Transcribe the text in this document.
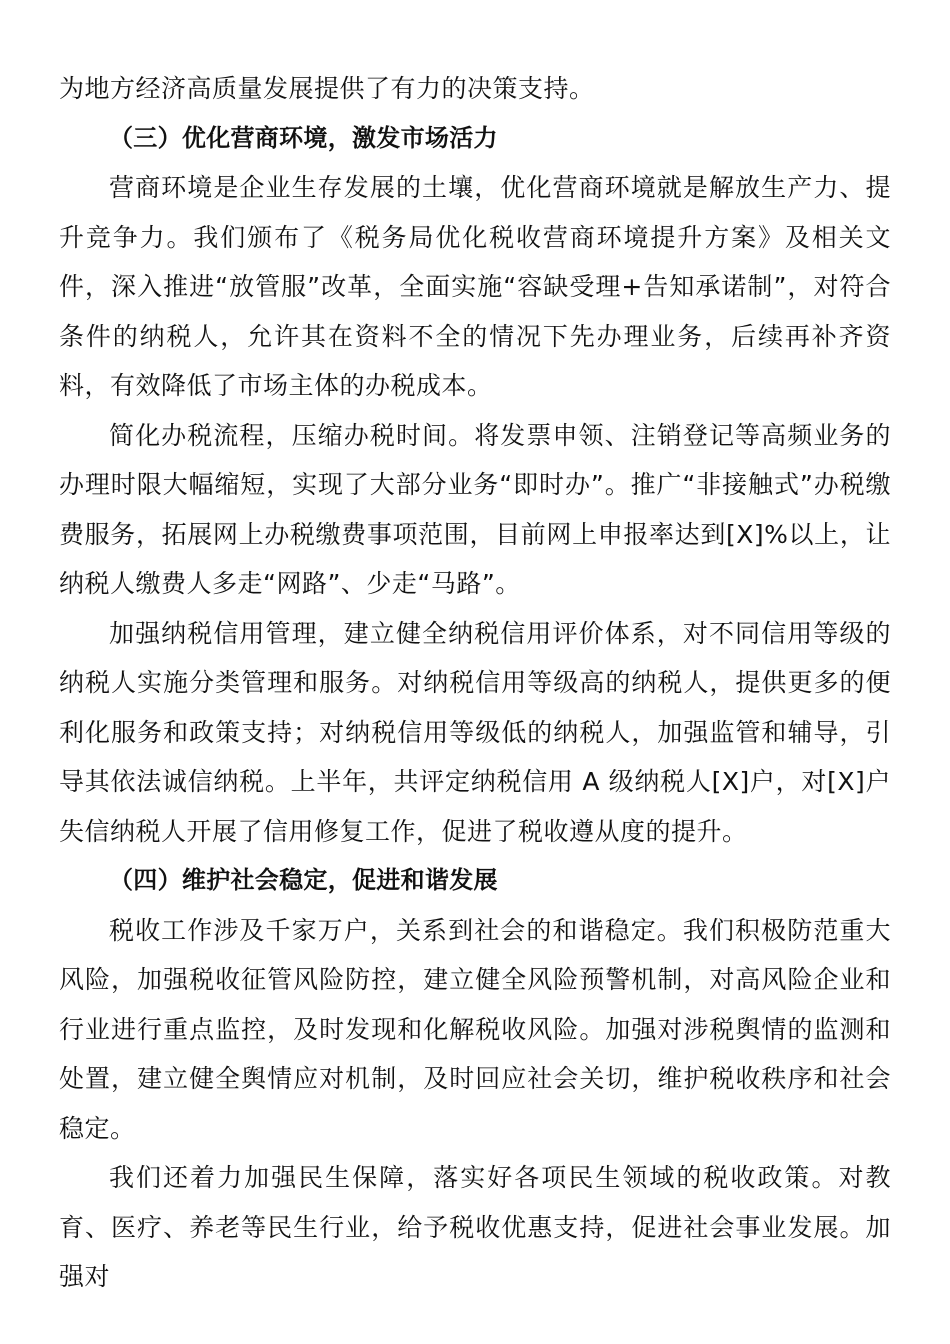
为地方经济高质量发展提供了有力的决策支持。

（三）优化营商环境，激发市场活力

营商环境是企业生存发展的土壤，优化营商环境就是解放生产力、提升竞争力。我们颁布了《税务局优化税收营商环境提升方案》及相关文件，深入推进“放管服”改革，全面实施“容缺受理+告知承诺制”，对符合条件的纳税人，允许其在资料不全的情况下先办理业务，后续再补齐资料，有效降低了市场主体的办税成本。

简化办税流程，压缩办税时间。将发票申领、注销登记等高频业务的办理时限大幅缩短，实现了大部分业务“即时办”。推广“非接触式”办税缴费服务，拓展网上办税缴费事项范围，目前网上申报率达到[X]%以上，让纳税人缴费人多走“网路”、少走“马路”。

加强纳税信用管理，建立健全纳税信用评价体系，对不同信用等级的纳税人实施分类管理和服务。对纳税信用等级高的纳税人，提供更多的便利化服务和政策支持；对纳税信用等级低的纳税人，加强监管和辅导，引导其依法诚信纳税。上半年，共评定纳税信用 A 级纳税人[X]户，对[X]户失信纳税人开展了信用修复工作，促进了税收遵从度的提升。

（四）维护社会稳定，促进和谐发展

税收工作涉及千家万户，关系到社会的和谐稳定。我们积极防范重大风险，加强税收征管风险防控，建立健全风险预警机制，对高风险企业和行业进行重点监控，及时发现和化解税收风险。加强对涉税舆情的监测和处置，建立健全舆情应对机制，及时回应社会关切，维护税收秩序和社会稳定。

我们还着力加强民生保障，落实好各项民生领域的税收政策。对教育、医疗、养老等民生行业，给予税收优惠支持，促进社会事业发展。加强对
